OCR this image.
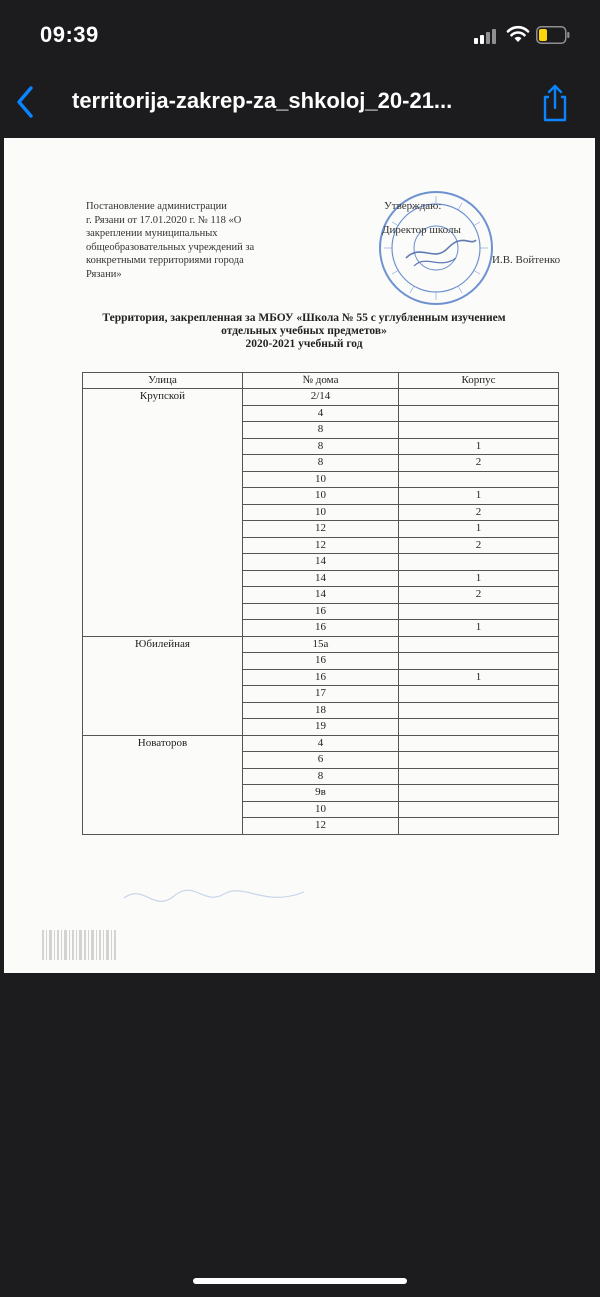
09:39
territorija-zakrep-za_shkoloj_20-21...
Постановление администрации
г. Рязани от 17.01.2020 г. № 118 «О
закреплении муниципальных
общеобразовательных учреждений за
конкретными территориями города
Рязани»
Утверждаю:
Директор школы
И.В. Войтенко
Территория, закрепленная за МБОУ «Школа № 55 с углубленным изучением
отдельных учебных предметов»
2020-2021 учебный год
Улица	№ дома	Корпус
Крупской	2/14	
	4	
	8	
	8	1
	8	2
	10	
	10	1
	10	2
	12	1
	12	2
	14	
	14	1
	14	2
	16	
	16	1
Юбилейная	15а	
	16	
	16	1
	17	
	18	
	19	
Новаторов	4	
	6	
	8	
	9в	
	10	
	12	
